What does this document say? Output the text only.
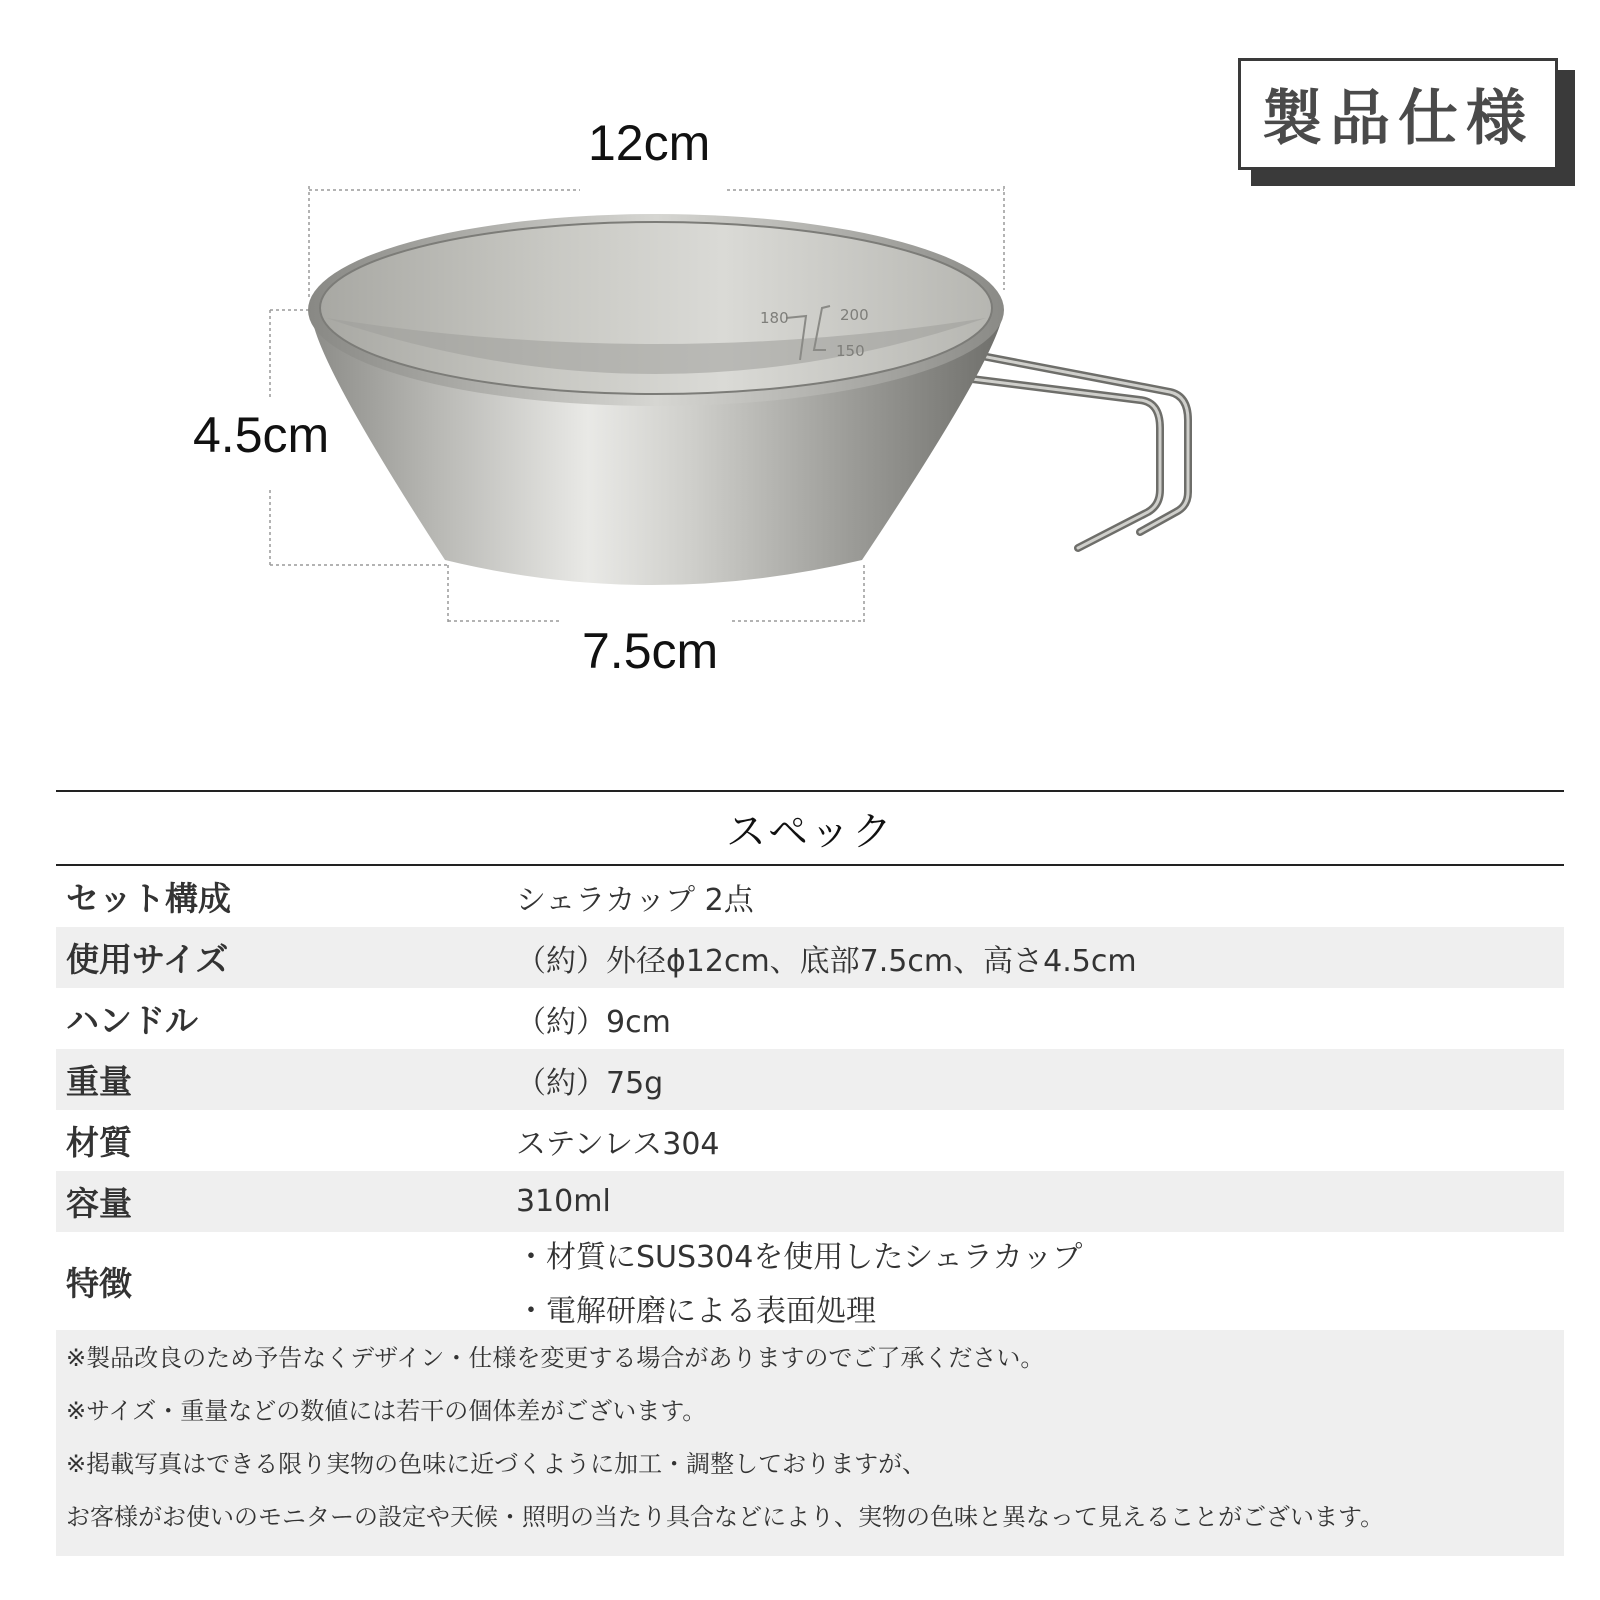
製品仕様
180	200
150
12cm
4.5cm
7.5cm
スペック
セット構成	シェラカップ 2点
使用サイズ	（約）外径ϕ12cm、底部7.5cm、高さ4.5cm
ハンドル	（約）9cm
重量	（約）75g
材質	ステンレス304
容量	310ml
特徴
・材質にSUS304を使用したシェラカップ
・電解研磨による表面処理
※製品改良のため予告なくデザイン・仕様を変更する場合がありますのでご了承ください。
※サイズ・重量などの数値には若干の個体差がございます。
※掲載写真はできる限り実物の色味に近づくように加工・調整しておりますが、
お客様がお使いのモニターの設定や天候・照明の当たり具合などにより、実物の色味と異なって見えることがございます。
